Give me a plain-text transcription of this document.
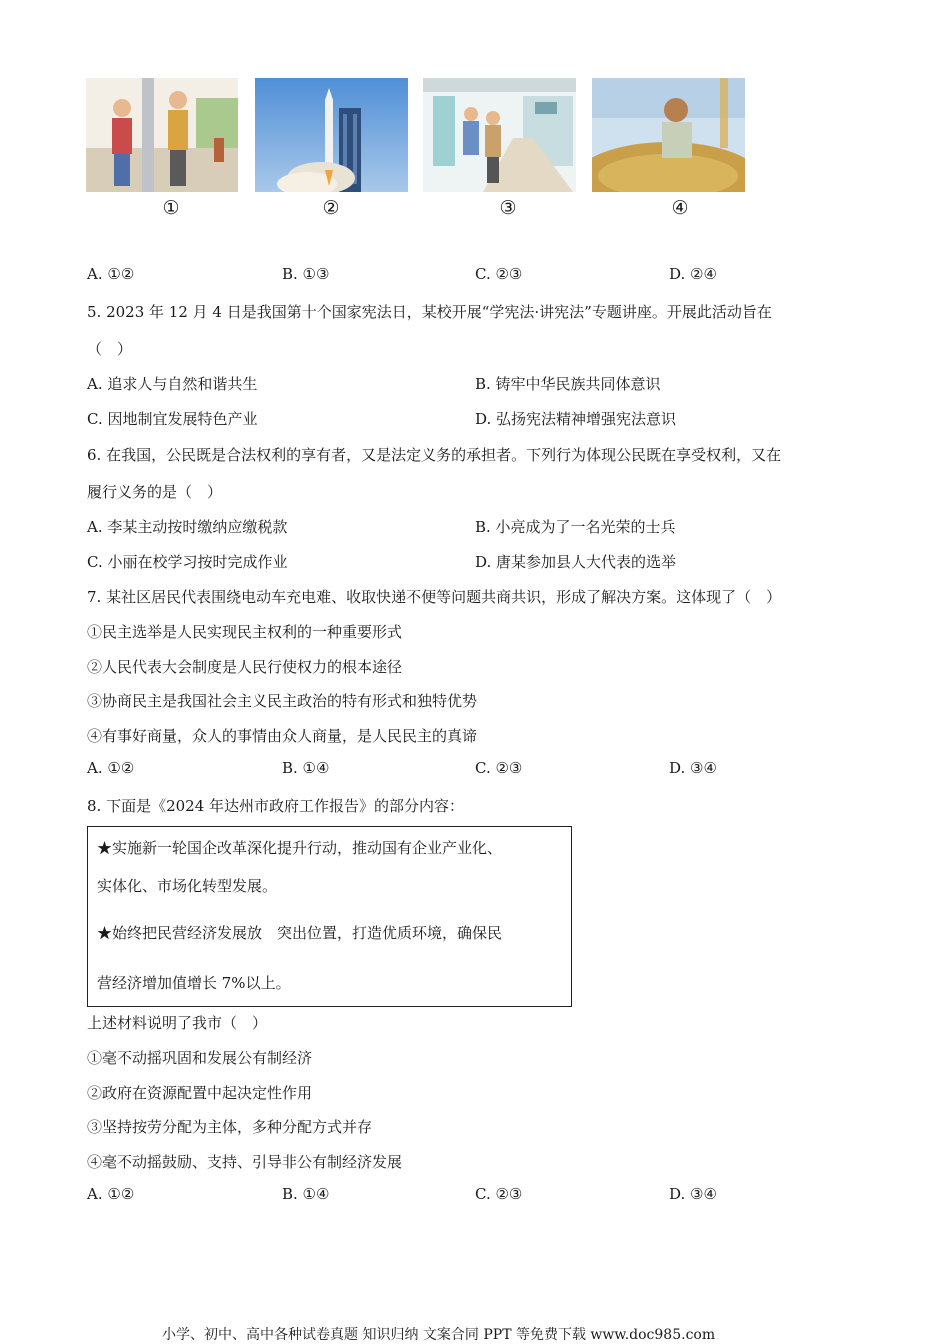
①	②	③	④
A. ①②	B. ①③	C. ②③	D. ②④
5. 2023 年 12 月 4 日是我国第十个国家宪法日，某校开展“学宪法·讲宪法”专题讲座。开展此活动旨在
（　）
A. 追求人与自然和谐共生	B. 铸牢中华民族共同体意识
C. 因地制宜发展特色产业	D. 弘扬宪法精神增强宪法意识
6. 在我国，公民既是合法权利的享有者，又是法定义务的承担者。下列行为体现公民既在享受权利，又在
履行义务的是（　）
A. 李某主动按时缴纳应缴税款	B. 小亮成为了一名光荣的士兵
C. 小丽在校学习按时完成作业	D. 唐某参加县人大代表的选举
7. 某社区居民代表围绕电动车充电难、收取快递不便等问题共商共识，形成了解决方案。这体现了（　）
①民主选举是人民实现民主权利的一种重要形式
②人民代表大会制度是人民行使权力的根本途径
③协商民主是我国社会主义民主政治的特有形式和独特优势
④有事好商量，众人的事情由众人商量，是人民民主的真谛
A. ①②	B. ①④	C. ②③	D. ③④
8. 下面是《2024 年达州市政府工作报告》的部分内容：
★实施新一轮国企改革深化提升行动，推动国有企业产业化、
实体化、市场化转型发展。
★始终把民营经济发展放　突出位置，打造优质环境，确保民
营经济增加值增长 7%以上。
上述材料说明了我市（　）
①毫不动摇巩固和发展公有制经济
②政府在资源配置中起决定性作用
③坚持按劳分配为主体，多种分配方式并存
④毫不动摇鼓励、支持、引导非公有制经济发展
A. ①②	B. ①④	C. ②③	D. ③④
小学、初中、高中各种试卷真题 知识归纳 文案合同 PPT 等免费下载 www.doc985.com
